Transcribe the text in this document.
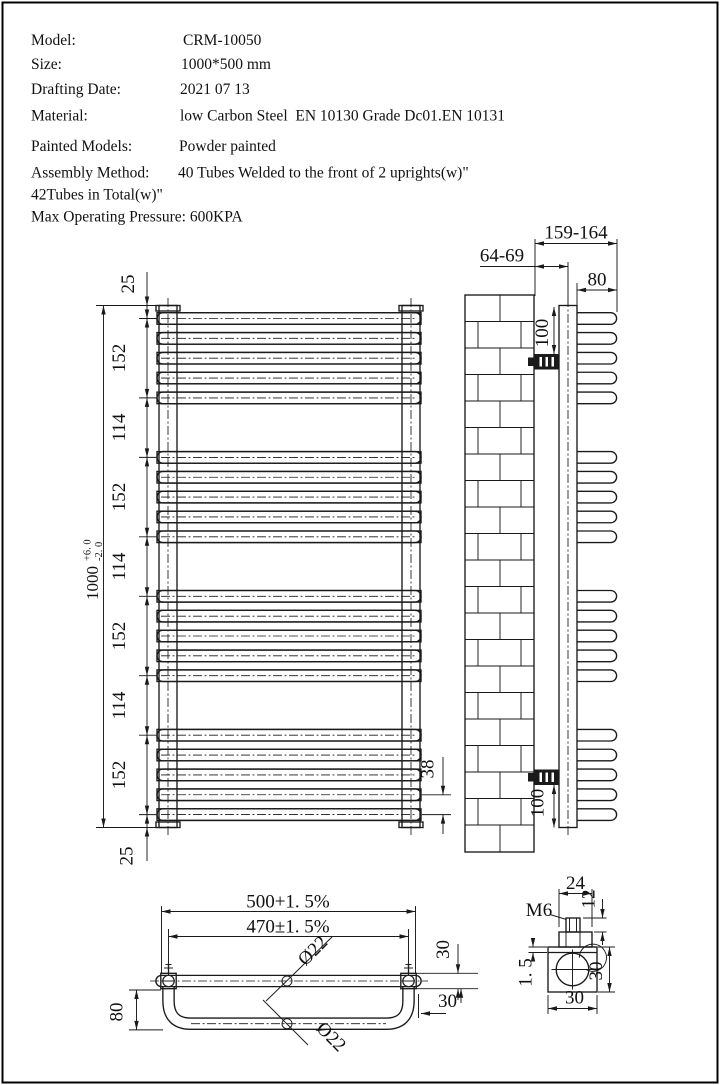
Model:	CRM-10050
Size:	1000*500 mm
Drafting Date:	2021 07 13
Material:	low Carbon Steel  EN 10130 Grade Dc01.EN 10131
Painted Models:	Powder painted
Assembly Method: 40 Tubes Welded to the front of 2 uprights(w)"
42Tubes in Total(w)"
Max Operating Pressure: 600KPA
25
152
114
152
114
152
114
152
25
1000
+6. 0 -2. 0
38
159-164
64-69
80
100
100
500+1. 5%
470±1. 5%
Ø22
Ø22
80
30
30
24
12
M6
1. 5	30
30
